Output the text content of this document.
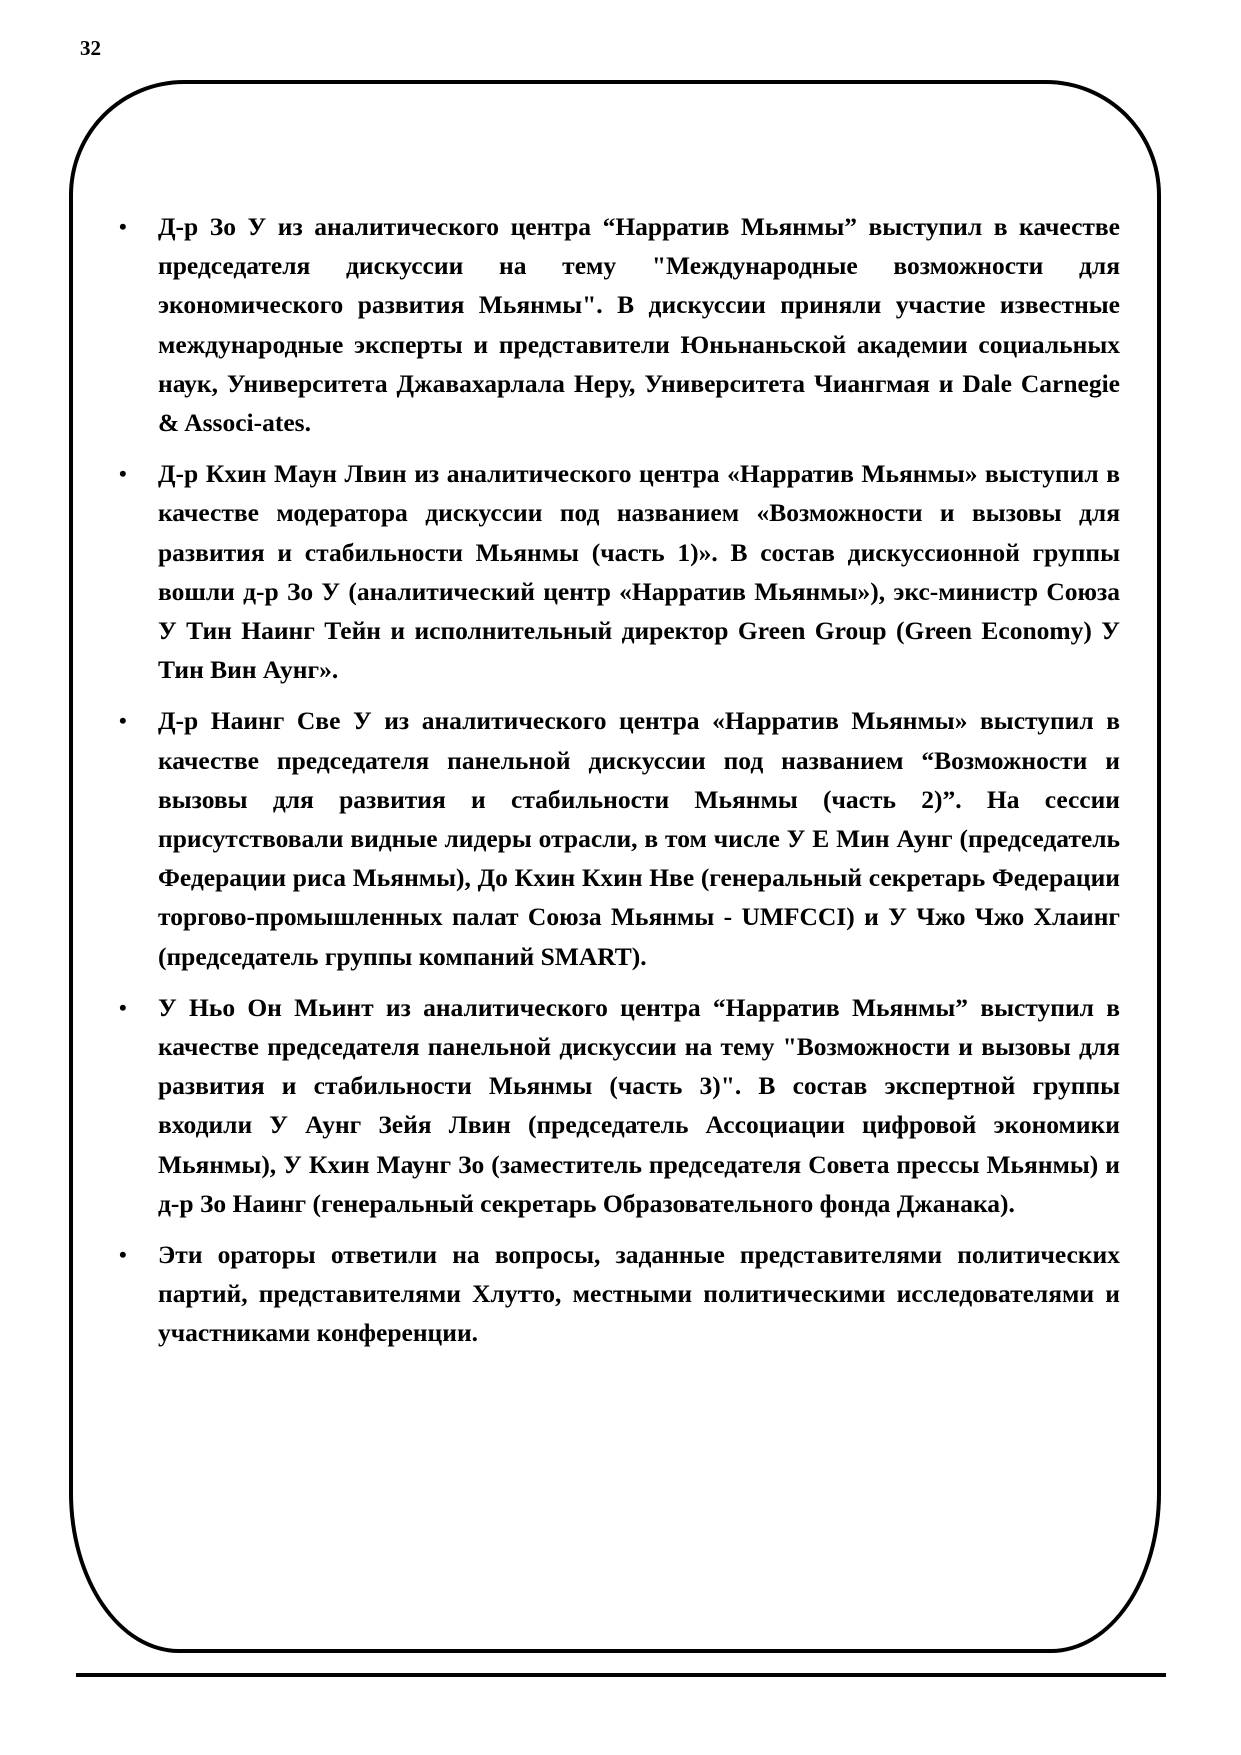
32
• Д-р Зо У из аналитического центра “Нарратив Мьянмы” выступил в качестве председателя дискуссии на тему "Международные возможности для экономического развития Мьянмы". В дискуссии приняли участие известные международные эксперты и представители Юньнаньской академии социальных наук, Университета Джавахарлала Неру, Университета Чиангмая и Dale Carnegie & Associ-ates.
• Д-р Кхин Маун Лвин из аналитического центра «Нарратив Мьянмы» выступил в качестве модератора дискуссии под названием «Возможности и вызовы для развития и стабильности Мьянмы (часть 1)». В состав дискуссионной группы вошли д-р Зо У (аналитический центр «Нарратив Мьянмы»), экс-министр Союза У Тин Наинг Тейн и исполнительный директор Green Group (Green Economy) У Тин Вин Аунг».
• Д-р Наинг Све У из аналитического центра «Нарратив Мьянмы» выступил в качестве председателя панельной дискуссии под названием “Возможности и вызовы для развития и стабильности Мьянмы (часть 2)”. На сессии присутствовали видные лидеры отрасли, в том числе У Е Мин Аунг (председатель Федерации риса Мьянмы), До Кхин Кхин Нве (генеральный секретарь Федерации торгово-промышленных палат Союза Мьянмы - UMFCCI) и У Чжо Чжо Хлаинг (председатель группы компаний SMART).
• У Ньо Он Мьинт из аналитического центра “Нарратив Мьянмы” выступил в качестве председателя панельной дискуссии на тему "Возможности и вызовы для развития и стабильности Мьянмы (часть 3)". В состав экспертной группы входили У Аунг Зейя Лвин (председатель Ассоциации цифровой экономики Мьянмы), У Кхин Маунг Зо (заместитель председателя Совета прессы Мьянмы) и д-р Зо Наинг (генеральный секретарь Образовательного фонда Джанака).
• Эти ораторы ответили на вопросы, заданные представителями политических партий, представителями Хлутто, местными политическими исследователями и участниками конференции.
